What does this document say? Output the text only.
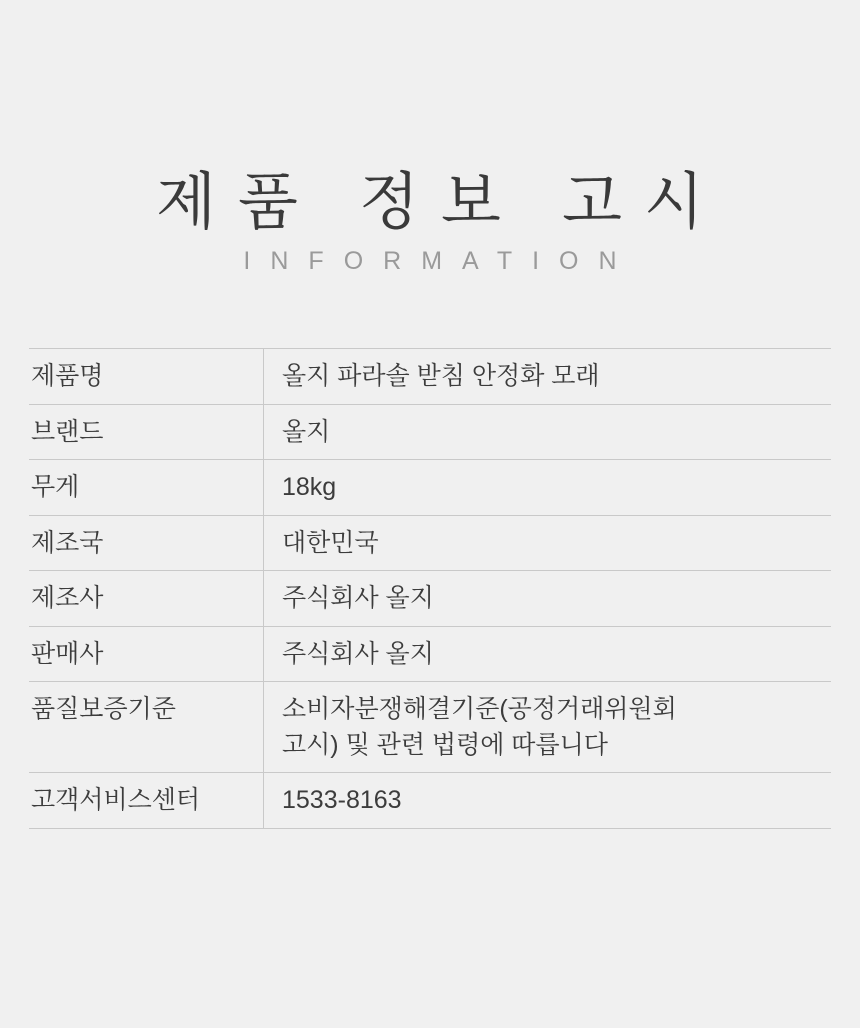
제품 정보 고시
INFORMATION
제품명	올지 파라솔 받침 안정화 모래

브랜드	올지

무게	18kg

제조국	대한민국

제조사	주식회사 올지

판매사	주식회사 올지

품질보증기준	소비자분쟁해결기준(공정거래위원회
고시) 및 관련 법령에 따릅니다

고객서비스센터	1533-8163
